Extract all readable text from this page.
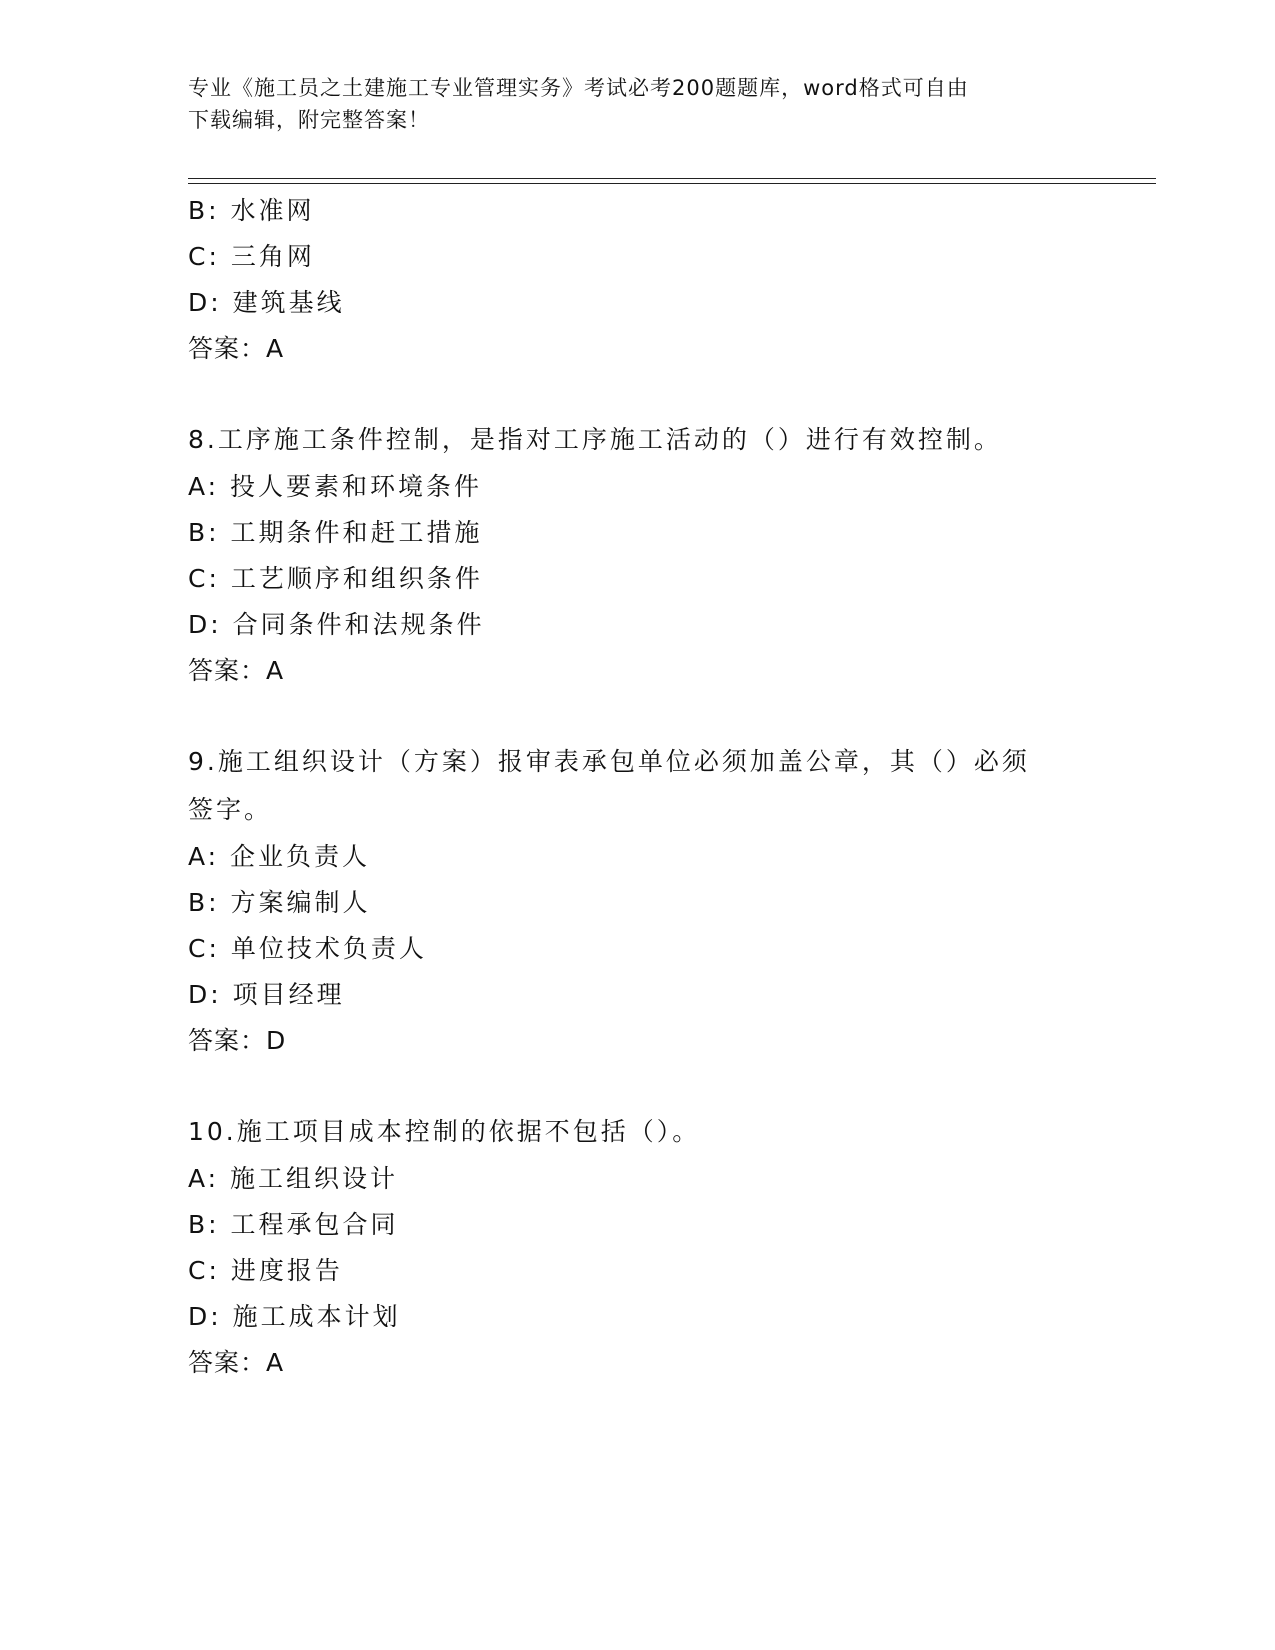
专业《施工员之土建施工专业管理实务》考试必考200题题库，word格式可自由
下载编辑，附完整答案！
B: 水准网
C: 三角网
D: 建筑基线
答案：A
8.工序施工条件控制，是指对工序施工活动的（）进行有效控制。
A: 投人要素和环境条件
B: 工期条件和赶工措施
C: 工艺顺序和组织条件
D: 合同条件和法规条件
答案：A
9.施工组织设计（方案）报审表承包单位必须加盖公章，其（）必须
签字。
A: 企业负责人
B: 方案编制人
C: 单位技术负责人
D: 项目经理
答案：D
10.施工项目成本控制的依据不包括（）。
A: 施工组织设计
B: 工程承包合同
C: 进度报告
D: 施工成本计划
答案：A
